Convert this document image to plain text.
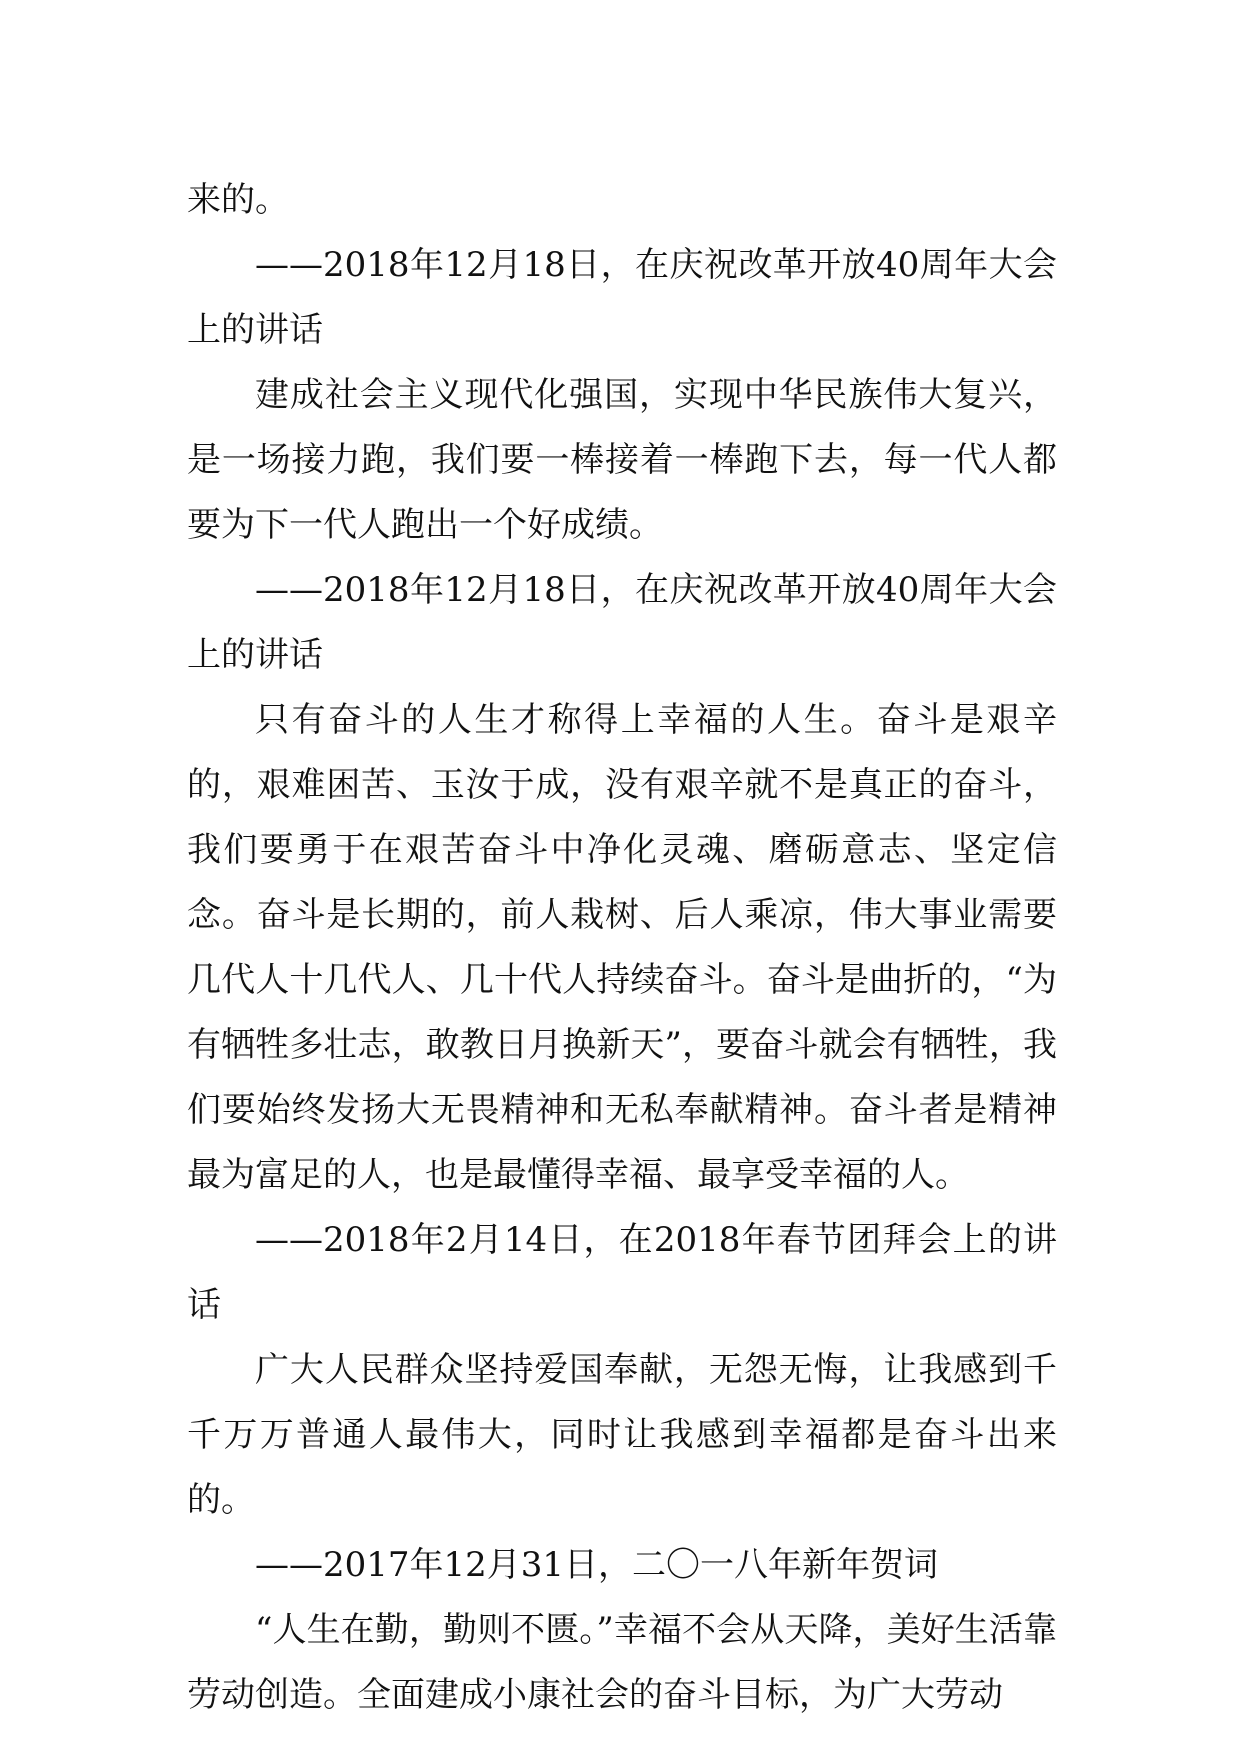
来的。

——2018年12月18日，在庆祝改革开放40周年大会上的讲话

建成社会主义现代化强国，实现中华民族伟大复兴，是一场接力跑，我们要一棒接着一棒跑下去，每一代人都要为下一代人跑出一个好成绩。

——2018年12月18日，在庆祝改革开放40周年大会上的讲话

只有奋斗的人生才称得上幸福的人生。奋斗是艰辛的，艰难困苦、玉汝于成，没有艰辛就不是真正的奋斗，我们要勇于在艰苦奋斗中净化灵魂、磨砺意志、坚定信念。奋斗是长期的，前人栽树、后人乘凉，伟大事业需要几代人十几代人、几十代人持续奋斗。奋斗是曲折的，“为有牺牲多壮志，敢教日月换新天”，要奋斗就会有牺牲，我们要始终发扬大无畏精神和无私奉献精神。奋斗者是精神最为富足的人，也是最懂得幸福、最享受幸福的人。

——2018年2月14日，在2018年春节团拜会上的讲话

广大人民群众坚持爱国奉献，无怨无悔，让我感到千千万万普通人最伟大，同时让我感到幸福都是奋斗出来的。

——2017年12月31日，二〇一八年新年贺词

“人生在勤，勤则不匮。”幸福不会从天降，美好生活靠劳动创造。全面建成小康社会的奋斗目标，为广大劳动
